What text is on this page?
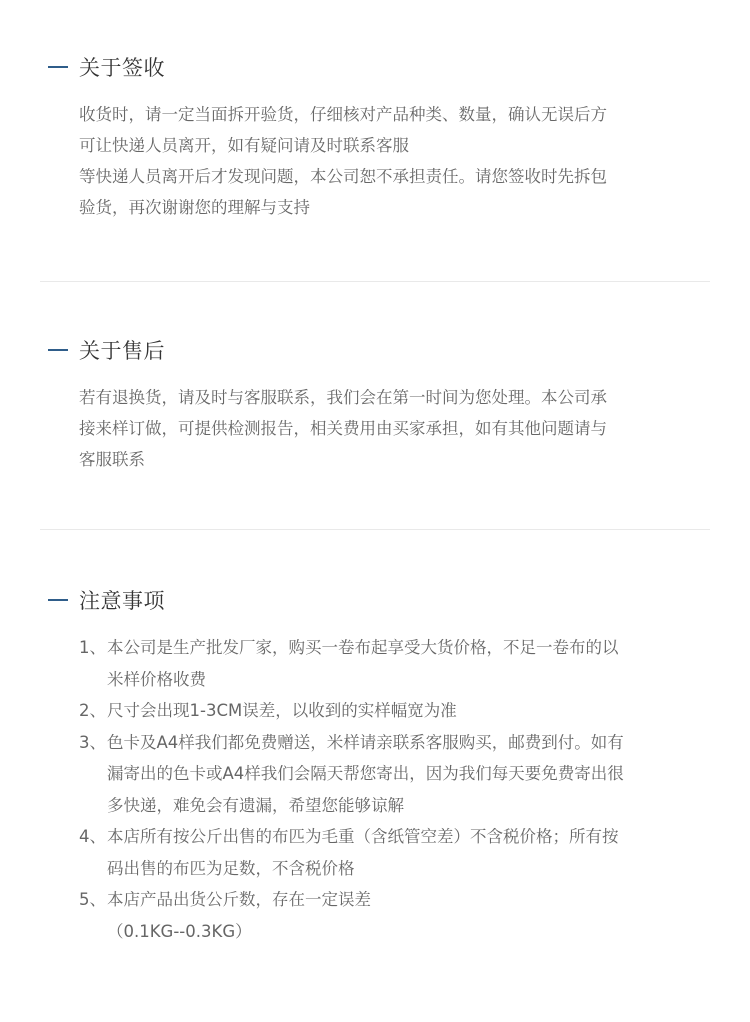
关于签收
收货时，请一定当面拆开验货，仔细核对产品种类、数量，确认无误后方
可让快递人员离开，如有疑问请及时联系客服
等快递人员离开后才发现问题，本公司恕不承担责任。请您签收时先拆包
验货，再次谢谢您的理解与支持
关于售后
若有退换货，请及时与客服联系，我们会在第一时间为您处理。本公司承
接来样订做，可提供检测报告，相关费用由买家承担，如有其他问题请与
客服联系
注意事项
1、 本公司是生产批发厂家，购买一卷布起享受大货价格，不足一卷布的以
米样价格收费
2、 尺寸会出现1-3CM误差，以收到的实样幅宽为准
3、 色卡及A4样我们都免费赠送，米样请亲联系客服购买，邮费到付。如有
漏寄出的色卡或A4样我们会隔天帮您寄出，因为我们每天要免费寄出很
多快递，难免会有遗漏，希望您能够谅解
4、 本店所有按公斤出售的布匹为毛重（含纸管空差）不含税价格；所有按
码出售的布匹为足数，不含税价格
5、 本店产品出货公斤数，存在一定误差
（0.1KG--0.3KG）
